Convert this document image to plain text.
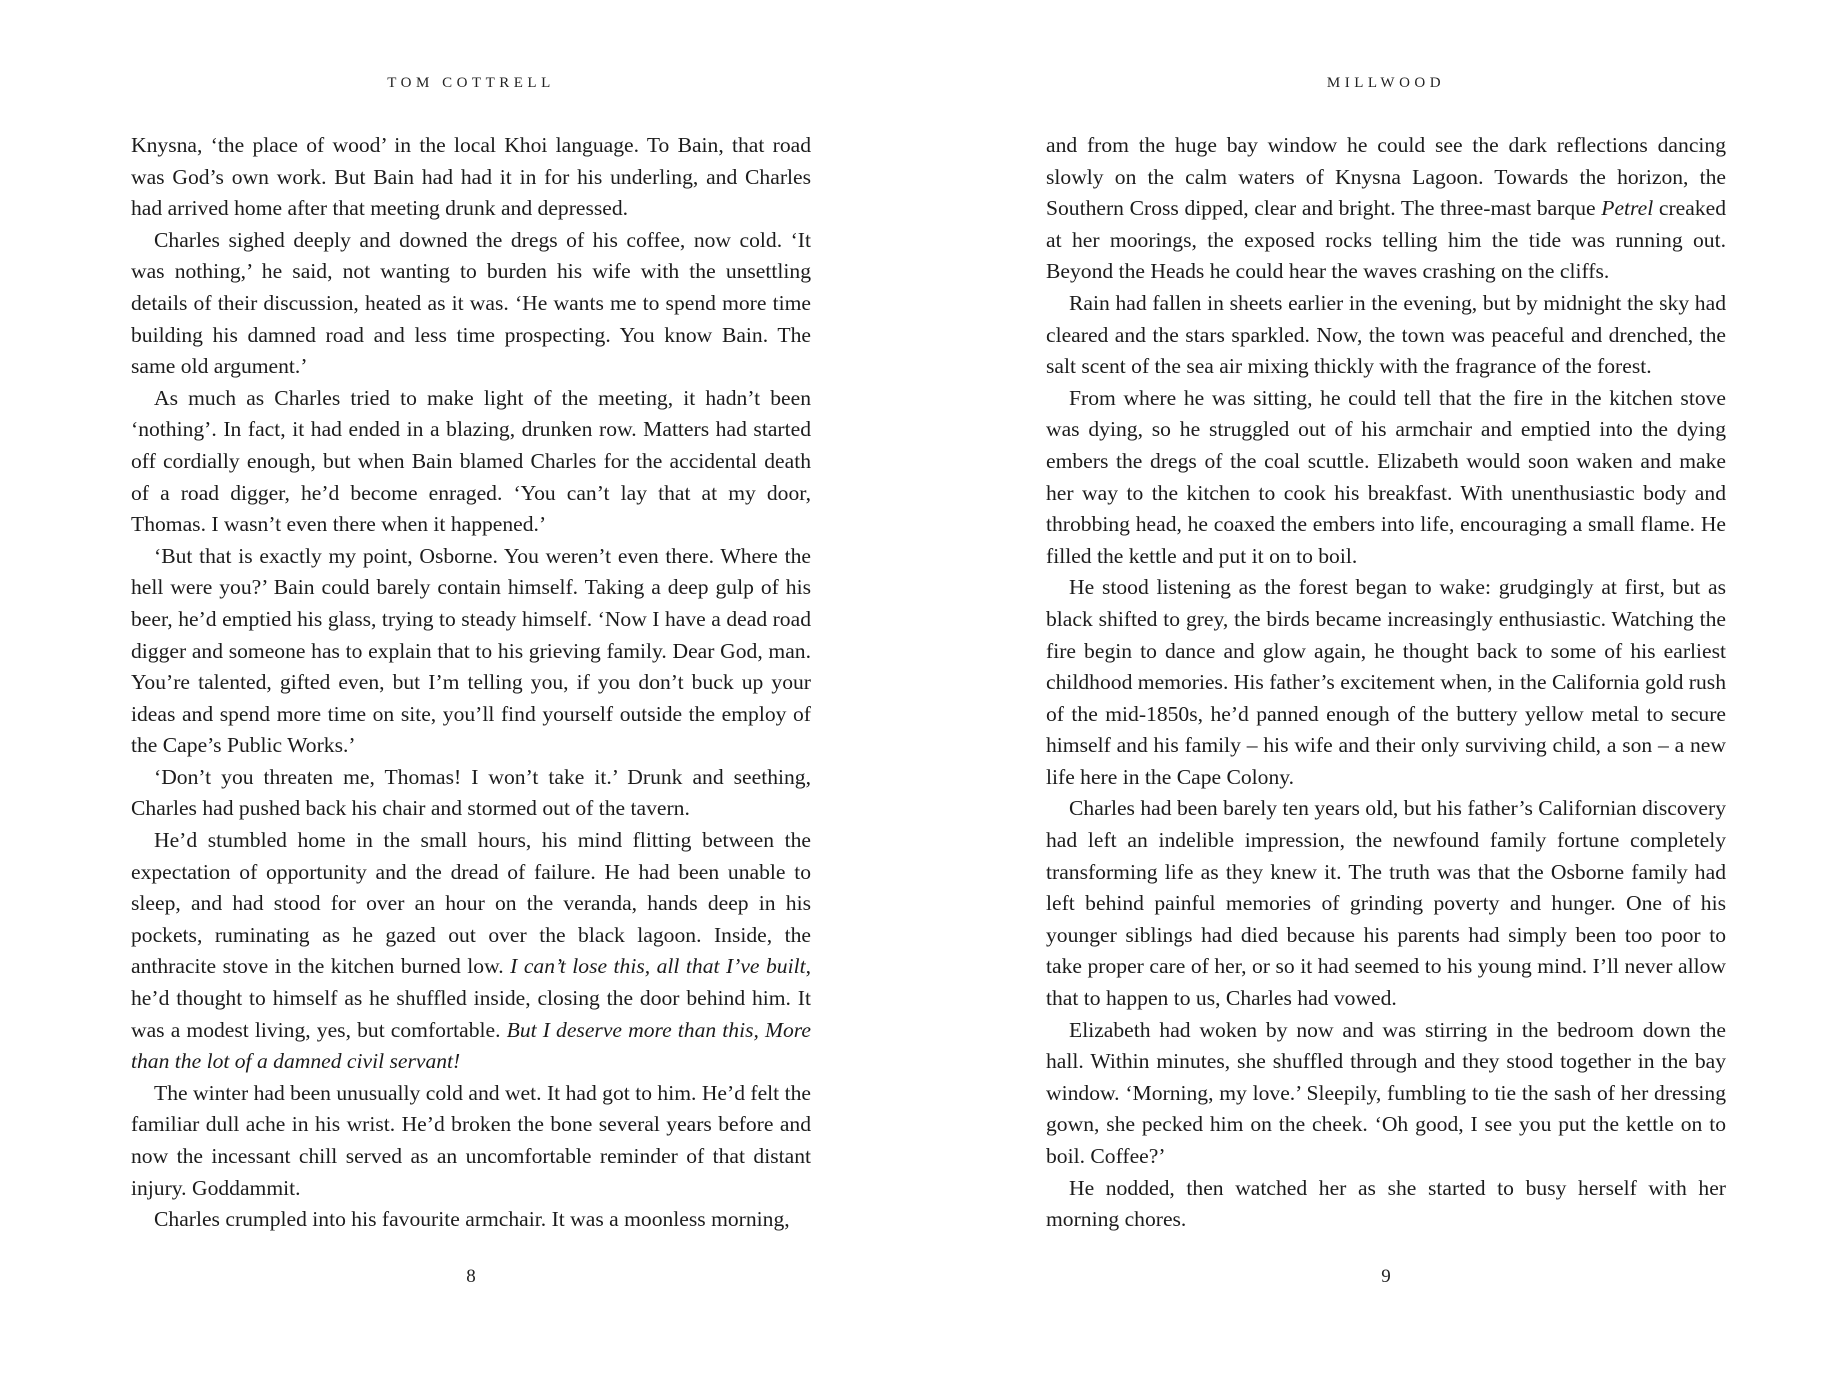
TOM COTTRELL

Knysna, ‘the place of wood’ in the local Khoi language. To Bain, that road was God’s own work. But Bain had had it in for his underling, and Charles had arrived home after that meeting drunk and depressed.

Charles sighed deeply and downed the dregs of his coffee, now cold. ‘It was nothing,’ he said, not wanting to burden his wife with the unsettling details of their discussion, heated as it was. ‘He wants me to spend more time building his damned road and less time prospecting. You know Bain. The same old argument.’

As much as Charles tried to make light of the meeting, it hadn’t been ‘nothing’. In fact, it had ended in a blazing, drunken row. Matters had started off cordially enough, but when Bain blamed Charles for the accidental death of a road digger, he’d become enraged. ‘You can’t lay that at my door, Thomas. I wasn’t even there when it happened.’

‘But that is exactly my point, Osborne. You weren’t even there. Where the hell were you?’ Bain could barely contain himself. Taking a deep gulp of his beer, he’d emptied his glass, trying to steady himself. ‘Now I have a dead road digger and someone has to explain that to his grieving family. Dear God, man. You’re talented, gifted even, but I’m telling you, if you don’t buck up your ideas and spend more time on site, you’ll find yourself outside the employ of the Cape’s Public Works.’

‘Don’t you threaten me, Thomas! I won’t take it.’ Drunk and seething, Charles had pushed back his chair and stormed out of the tavern.

He’d stumbled home in the small hours, his mind flitting between the expectation of opportunity and the dread of failure. He had been unable to sleep, and had stood for over an hour on the veranda, hands deep in his pockets, ruminating as he gazed out over the black lagoon. Inside, the anthracite stove in the kitchen burned low. I can’t lose this, all that I’ve built, he’d thought to himself as he shuffled inside, closing the door behind him. It was a modest living, yes, but comfortable. But I deserve more than this, More than the lot of a damned civil servant!

The winter had been unusually cold and wet. It had got to him. He’d felt the familiar dull ache in his wrist. He’d broken the bone several years before and now the incessant chill served as an uncomfortable reminder of that distant injury. Goddammit.

Charles crumpled into his favourite armchair. It was a moonless morning,

8
MILLWOOD

and from the huge bay window he could see the dark reflections dancing slowly on the calm waters of Knysna Lagoon. Towards the horizon, the Southern Cross dipped, clear and bright. The three-mast barque Petrel creaked at her moorings, the exposed rocks telling him the tide was running out. Beyond the Heads he could hear the waves crashing on the cliffs.

Rain had fallen in sheets earlier in the evening, but by midnight the sky had cleared and the stars sparkled. Now, the town was peaceful and drenched, the salt scent of the sea air mixing thickly with the fragrance of the forest.

From where he was sitting, he could tell that the fire in the kitchen stove was dying, so he struggled out of his armchair and emptied into the dying embers the dregs of the coal scuttle. Elizabeth would soon waken and make her way to the kitchen to cook his breakfast. With unenthusiastic body and throbbing head, he coaxed the embers into life, encouraging a small flame. He filled the kettle and put it on to boil.

He stood listening as the forest began to wake: grudgingly at first, but as black shifted to grey, the birds became increasingly enthusiastic. Watching the fire begin to dance and glow again, he thought back to some of his earliest childhood memories. His father’s excitement when, in the California gold rush of the mid-1850s, he’d panned enough of the buttery yellow metal to secure himself and his family – his wife and their only surviving child, a son – a new life here in the Cape Colony.

Charles had been barely ten years old, but his father’s Californian discovery had left an indelible impression, the newfound family fortune completely transforming life as they knew it. The truth was that the Osborne family had left behind painful memories of grinding poverty and hunger. One of his younger siblings had died because his parents had simply been too poor to take proper care of her, or so it had seemed to his young mind. I’ll never allow that to happen to us, Charles had vowed.

Elizabeth had woken by now and was stirring in the bedroom down the hall. Within minutes, she shuffled through and they stood together in the bay window. ‘Morning, my love.’ Sleepily, fumbling to tie the sash of her dressing gown, she pecked him on the cheek. ‘Oh good, I see you put the kettle on to boil. Coffee?’

He nodded, then watched her as she started to busy herself with her morning chores.

9
